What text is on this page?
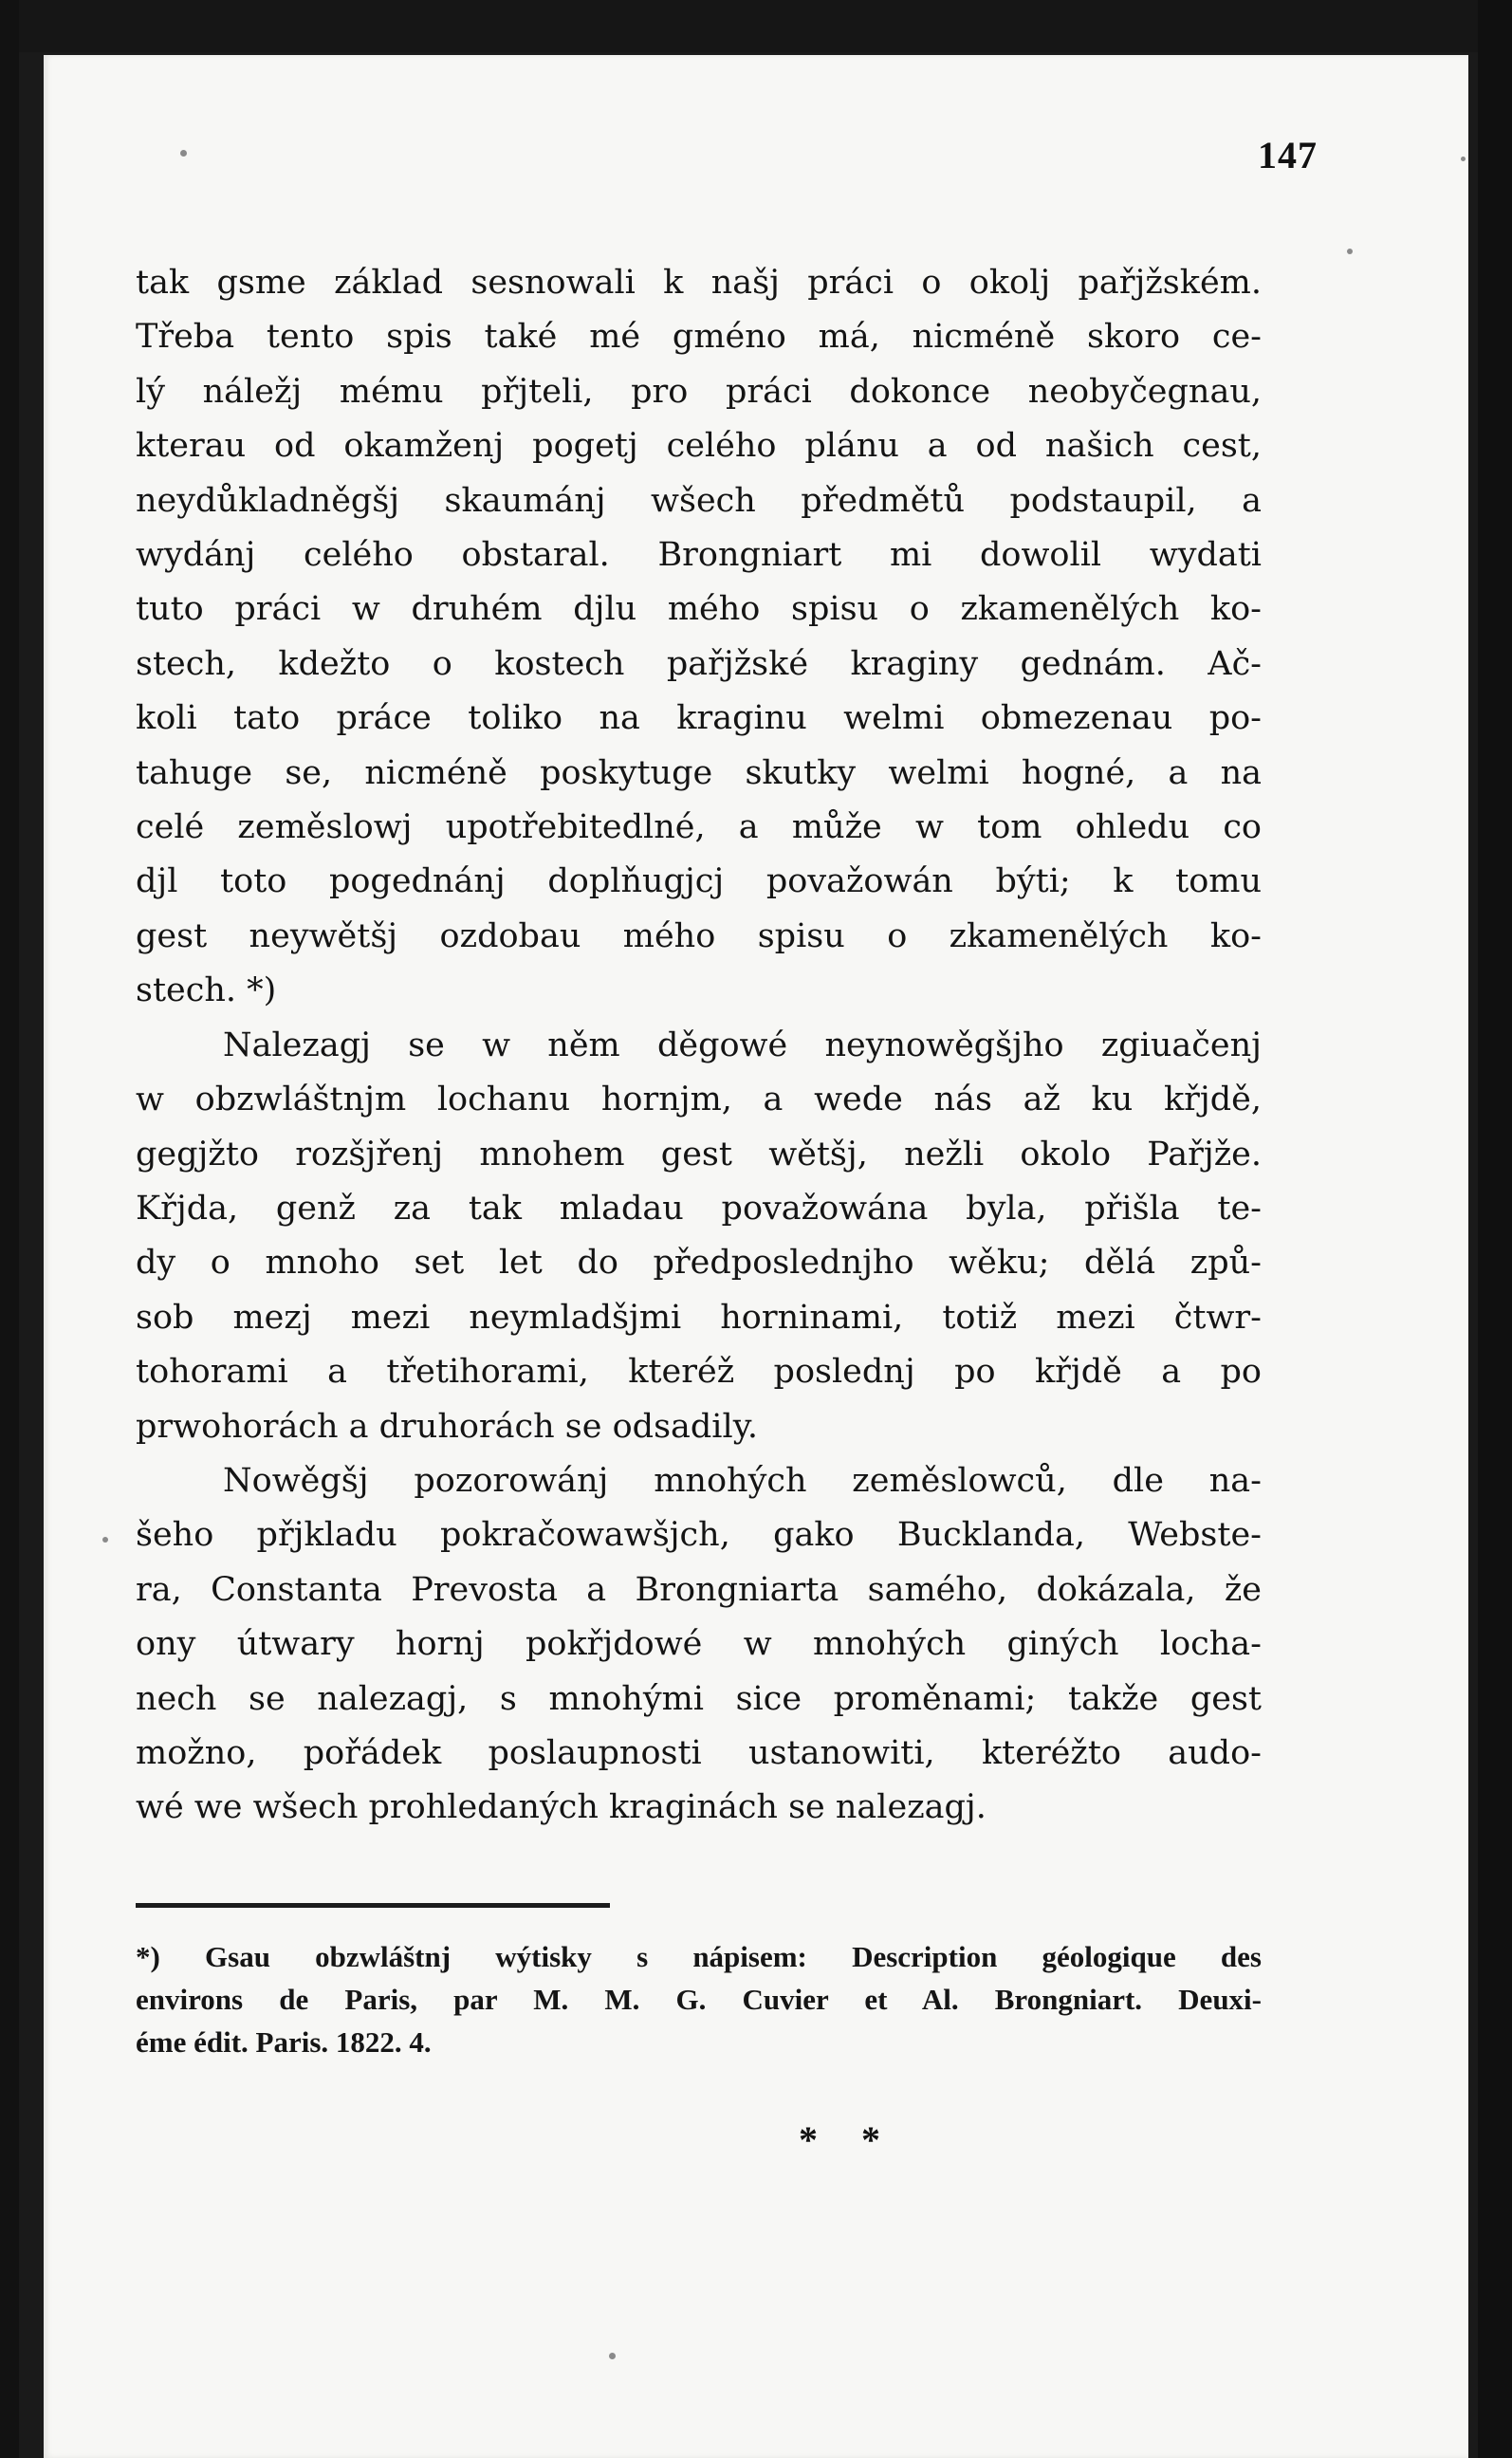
147
tak gsme základ sesnowali k našj práci o okolj pařjžském.
Třeba tento spis také mé gméno má, nicméně skoro ce-
lý náležj mému přjteli, pro práci dokonce neobyčegnau,
kterau od okamženj pogetj celého plánu a od našich cest,
neydůkladněgšj skaumánj wšech předmětů podstaupil, a
wydánj celého obstaral. Brongniart mi dowolil wydati
tuto práci w druhém djlu mého spisu o zkamenělých ko-
stech, kdežto o kostech pařjžské kraginy gednám. Ač-
koli tato práce toliko na kraginu welmi obmezenau po-
tahuge se, nicméně poskytuge skutky welmi hogné, a na
celé zeměslowj upotřebitedlné, a může w tom ohledu co
djl toto pogednánj doplňugjcj považowán býti; k tomu
gest neywětšj ozdobau mého spisu o zkamenělých ko-
stech. *)
Nalezagj se w něm děgowé neynowěgšjho zgiuačenj
w obzwláštnjm lochanu hornjm, a wede nás až ku křjdě,
gegjžto rozšjřenj mnohem gest wětšj, nežli okolo Pařjže.
Křjda, genž za tak mladau považowána byla, přišla te-
dy o mnoho set let do předposlednjho wěku; dělá způ-
sob mezj mezi neymladšjmi horninami, totiž mezi čtwr-
tohorami a třetihorami, kteréž poslednj po křjdě a po
prwohorách a druhorách se odsadily.
Nowěgšj pozorowánj mnohých zeměslowců, dle na-
šeho přjkladu pokračowawšjch, gako Bucklanda, Webste-
ra, Constanta Prevosta a Brongniarta samého, dokázala, že
ony útwary hornj pokřjdowé w mnohých giných locha-
nech se nalezagj, s mnohými sice proměnami; takže gest
možno, pořádek poslaupnosti ustanowiti, kteréžto audo-
wé we wšech prohledaných kraginách se nalezagj.
*) Gsau obzwláštnj wýtisky s nápisem: Description géologique des
environs de Paris, par M. M. G. Cuvier et Al. Brongniart. Deuxi-
éme édit. Paris. 1822. 4.
* *
